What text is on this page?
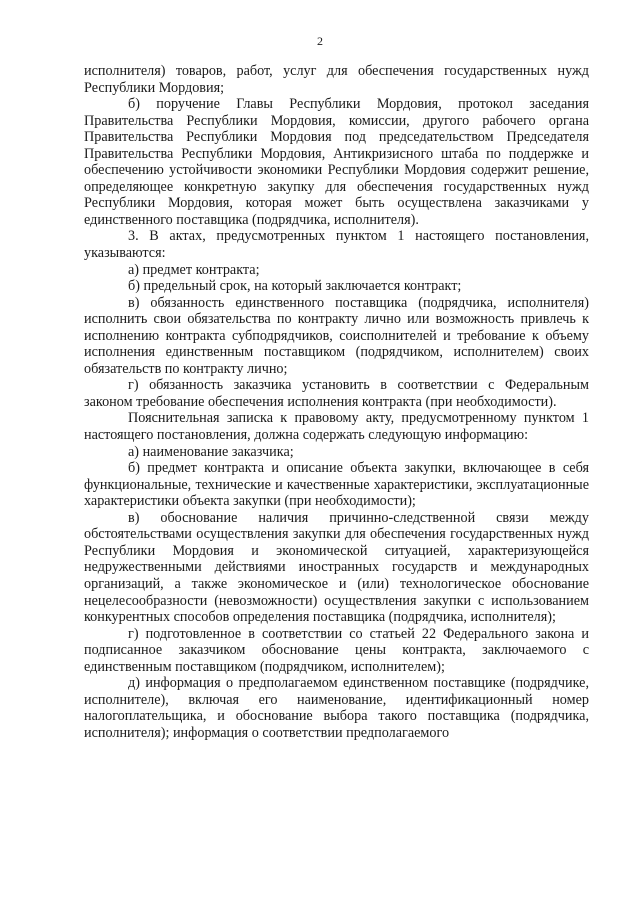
2

исполнителя) товаров, работ, услуг для обеспечения государственных нужд Республики Мордовия;

б) поручение Главы Республики Мордовия, протокол заседания Правительства Республики Мордовия, комиссии, другого рабочего органа Правительства Республики Мордовия под председательством Председателя Правительства Республики Мордовия, Антикризисного штаба по поддержке и обеспечению устойчивости экономики Республики Мордовия содержит решение, определяющее конкретную закупку для обеспечения государственных нужд Республики Мордовия, которая может быть осуществлена заказчиками у единственного поставщика (подрядчика, исполнителя).

3. В актах, предусмотренных пунктом 1 настоящего постановления, указываются:

а) предмет контракта;

б) предельный срок, на который заключается контракт;

в) обязанность единственного поставщика (подрядчика, исполнителя) исполнить свои обязательства по контракту лично или возможность привлечь к исполнению контракта субподрядчиков, соисполнителей и требование к объему исполнения единственным поставщиком (подрядчиком, исполнителем) своих обязательств по контракту лично;

г) обязанность заказчика установить в соответствии с Федеральным законом требование обеспечения исполнения контракта (при необходимости).

Пояснительная записка к правовому акту, предусмотренному пунктом 1 настоящего постановления, должна содержать следующую информацию:

а) наименование заказчика;

б) предмет контракта и описание объекта закупки, включающее в себя функциональные, технические и качественные характеристики, эксплуатационные характеристики объекта закупки (при необходимости);

в) обоснование наличия причинно-следственной связи между обстоятельствами осуществления закупки для обеспечения государственных нужд Республики Мордовия и экономической ситуацией, характеризующейся недружественными действиями иностранных государств и международных организаций, а также экономическое и (или) технологическое обоснование нецелесообразности (невозможности) осуществления закупки с использованием конкурентных способов определения поставщика (подрядчика, исполнителя);

г) подготовленное в соответствии со статьей 22 Федерального закона и подписанное заказчиком обоснование цены контракта, заключаемого с единственным поставщиком (подрядчиком, исполнителем);

д) информация о предполагаемом единственном поставщике (подрядчике, исполнителе), включая его наименование, идентификационный номер налогоплательщика, и обоснование выбора такого поставщика (подрядчика, исполнителя); информация о соответствии предполагаемого
